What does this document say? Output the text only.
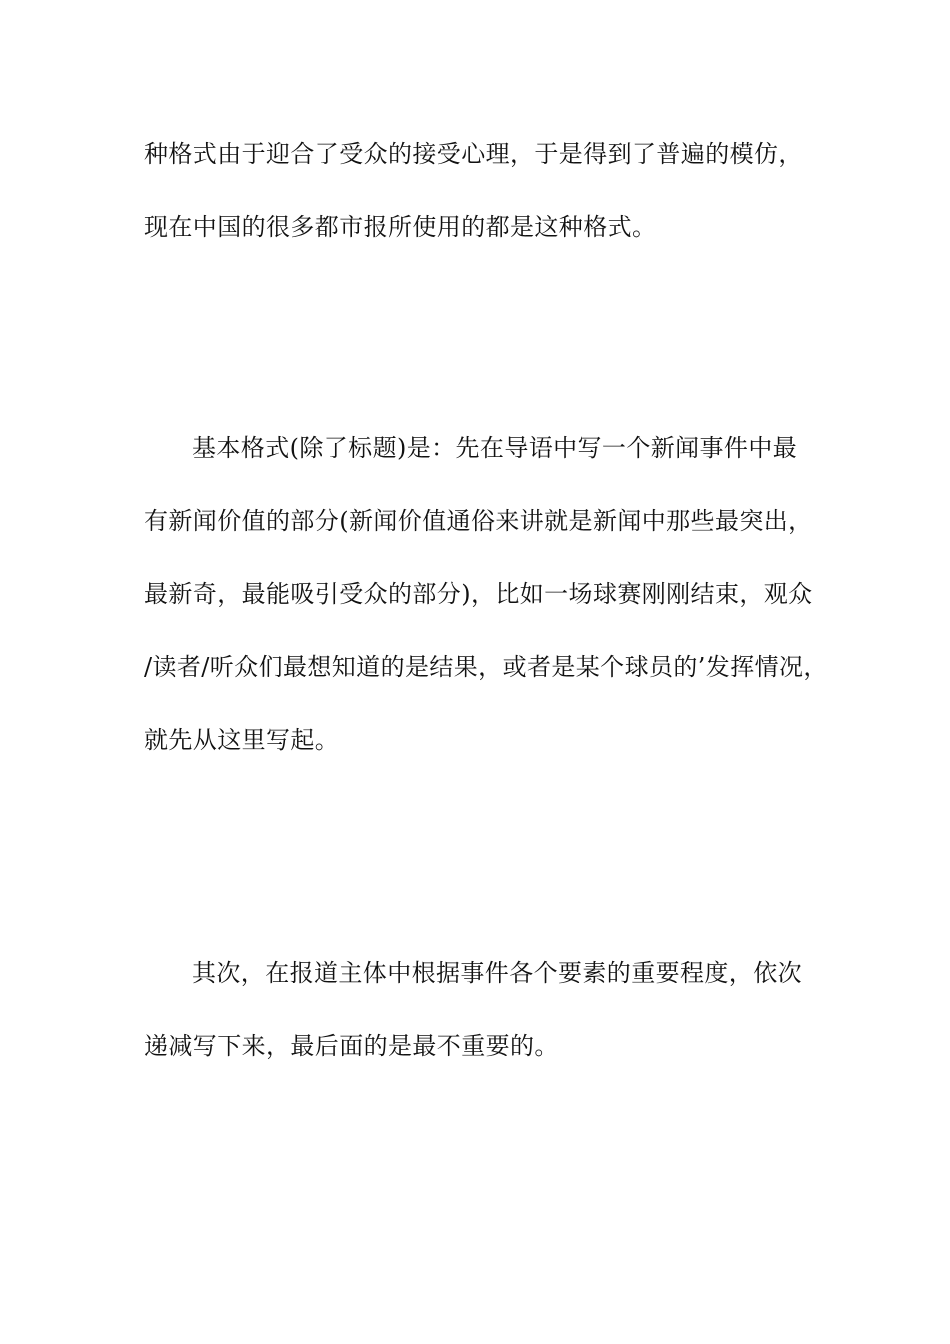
种格式由于迎合了受众的接受心理，于是得到了普遍的模仿，
现在中国的很多都市报所使用的都是这种格式。
基本格式(除了标题)是：先在导语中写一个新闻事件中最
有新闻价值的部分(新闻价值通俗来讲就是新闻中那些最突出，
最新奇，最能吸引受众的部分)，比如一场球赛刚刚结束，观众
/读者/听众们最想知道的是结果，或者是某个球员的’发挥情况，
就先从这里写起。
其次，在报道主体中根据事件各个要素的重要程度，依次
递减写下来，最后面的是最不重要的。
